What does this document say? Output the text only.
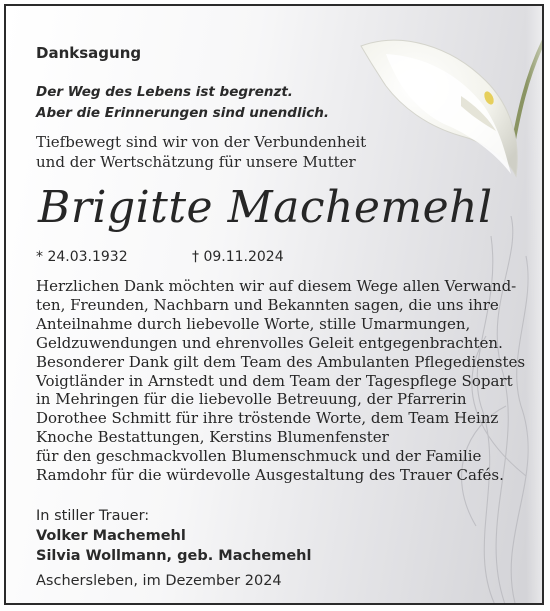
Danksagung
Der Weg des Lebens ist begrenzt.
Aber die Erinnerungen sind unendlich.
Tiefbewegt sind wir von der Verbundenheit
und der Wertschätzung für unsere Mutter
Brigitte Machemehl
* 24.03.1932	† 09.11.2024
Herzlichen Dank möchten wir auf diesem Wege allen Verwand-
ten, Freunden, Nachbarn und Bekannten sagen, die uns ihre
Anteilnahme durch liebevolle Worte, stille Umarmungen,
Geldzuwendungen und ehrenvolles Geleit entgegenbrachten.
Besonderer Dank gilt dem Team des Ambulanten Pflegedienstes
Voigtländer in Arnstedt und dem Team der Tagespflege Sopart
in Mehringen für die liebevolle Betreuung, der Pfarrerin
Dorothee Schmitt für ihre tröstende Worte, dem Team Heinz
Knoche Bestattungen, Kerstins Blumenfenster
für den geschmackvollen Blumenschmuck und der Familie
Ramdohr für die würdevolle Ausgestaltung des Trauer Cafés.
In stiller Trauer:
Volker Machemehl
Silvia Wollmann, geb. Machemehl
Aschersleben, im Dezember 2024
